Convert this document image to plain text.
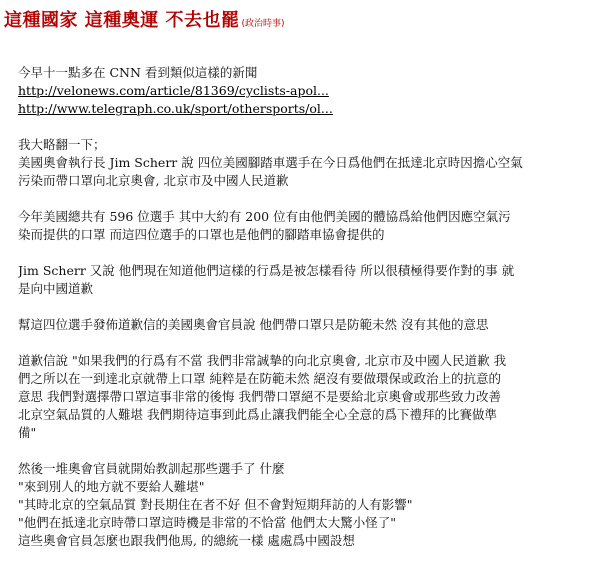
這種國家 這種奧運 不去也罷 (政治時事)
今早十一點多在 CNN 看到類似這樣的新聞
http://velonews.com/article/81369/cyclists-apol...
http://www.telegraph.co.uk/sport/othersports/ol...
我大略翻一下；
美國奧會執行長 Jim Scherr 說 四位美國腳踏車選手在今日爲他們在抵達北京時因擔心空氣
污染而帶口罩向北京奧會, 北京市及中國人民道歉
今年美國總共有 596 位選手 其中大約有 200 位有由他們美國的體協爲給他們因應空氣污
染而提供的口罩 而這四位選手的口罩也是他們的腳踏車協會提供的
Jim Scherr 又說 他們現在知道他們這樣的行爲是被怎樣看待 所以很積極得要作對的事 就
是向中國道歉
幫這四位選手發佈道歉信的美國奧會官員說 他們帶口罩只是防範未然 沒有其他的意思
道歉信說 "如果我們的行爲有不當 我們非常誠摯的向北京奧會, 北京市及中國人民道歉 我
們之所以在一到達北京就帶上口罩 純粹是在防範未然 絕沒有要做環保或政治上的抗意的
意思 我們對選擇帶口罩這事非常的後悔 我們帶口罩絕不是要給北京奧會或那些致力改善
北京空氣品質的人難堪 我們期待這事到此爲止讓我們能全心全意的爲下禮拜的比賽做準
備"
然後一堆奧會官員就開始教訓起那些選手了 什麼
"來到別人的地方就不要給人難堪"
"其時北京的空氣品質 對長期住在者不好 但不會對短期拜訪的人有影響"
"他們在抵達北京時帶口罩這時機是非常的不恰當 他們太大驚小怪了"
這些奧會官員怎麼也跟我們他馬, 的總統一樣 處處爲中國設想
